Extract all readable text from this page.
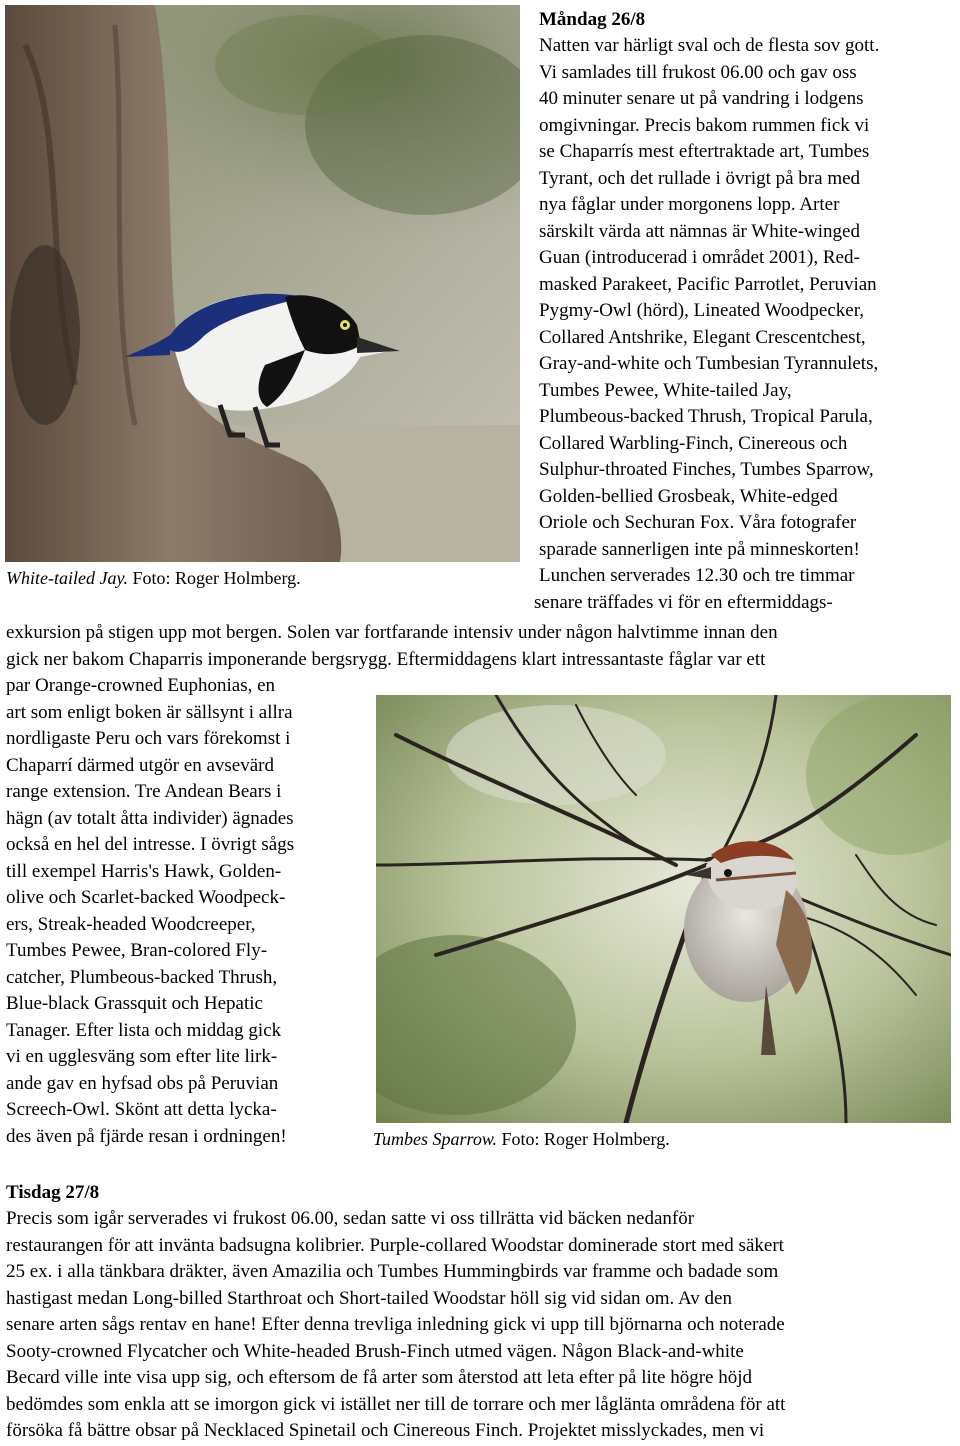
Måndag 26/8
Natten var härligt sval och de flesta sov gott.
Vi samlades till frukost 06.00 och gav oss
40 minuter senare ut på vandring i lodgens
omgivningar. Precis bakom rummen fick vi
se Chaparrís mest eftertraktade art, Tumbes
Tyrant, och det rullade i övrigt på bra med
nya fåglar under morgonens lopp. Arter
särskilt värda att nämnas är White-winged
Guan (introducerad i området 2001), Red-
masked Parakeet, Pacific Parrotlet, Peruvian
Pygmy-Owl (hörd), Lineated Woodpecker,
Collared Antshrike, Elegant Crescentchest,
Gray-and-white och Tumbesian Tyrannulets,
Tumbes Pewee, White-tailed Jay,
Plumbeous-backed Thrush, Tropical Parula,
Collared Warbling-Finch, Cinereous och
Sulphur-throated Finches, Tumbes Sparrow,
Golden-bellied Grosbeak, White-edged
Oriole och Sechuran Fox. Våra fotografer
sparade sannerligen inte på minneskorten!
Lunchen serverades 12.30 och tre timmar
senare träffades vi för en eftermiddags-
White-tailed Jay. Foto: Roger Holmberg.
exkursion på stigen upp mot bergen. Solen var fortfarande intensiv under någon halvtimme innan den
gick ner bakom Chaparris imponerande bergsrygg. Eftermiddagens klart intressantaste fåglar var ett
par Orange-crowned Euphonias, en
art som enligt boken är sällsynt i allra
nordligaste Peru och vars förekomst i
Chaparrí därmed utgör en avsevärd
range extension. Tre Andean Bears i
hägn (av totalt åtta individer) ägnades
också en hel del intresse. I övrigt sågs
till exempel Harris's Hawk, Golden-
olive och Scarlet-backed Woodpeck-
ers, Streak-headed Woodcreeper,
Tumbes Pewee, Bran-colored Fly-
catcher, Plumbeous-backed Thrush,
Blue-black Grassquit och Hepatic
Tanager. Efter lista och middag gick
vi en ugglesväng som efter lite lirk-
ande gav en hyfsad obs på Peruvian
Screech-Owl. Skönt att detta lyckа-
des även på fjärde resan i ordningen!	Tumbes Sparrow. Foto: Roger Holmberg.
Tisdag 27/8
Precis som igår serverades vi frukost 06.00, sedan satte vi oss tillrätta vid bäcken nedanför
restaurangen för att invänta badsugna kolibrier. Purple-collared Woodstar dominerade stort med säkert
25 ex. i alla tänkbara dräkter, även Amazilia och Tumbes Hummingbirds var framme och badade som
hastigast medan Long-billed Starthroat och Short-tailed Woodstar höll sig vid sidan om. Av den
senare arten sågs rentav en hane! Efter denna trevliga inledning gick vi upp till björnarna och noterade
Sooty-crowned Flycatcher och White-headed Brush-Finch utmed vägen. Någon Black-and-white
Becard ville inte visa upp sig, och eftersom de få arter som återstod att leta efter på lite högre höjd
bedömdes som enkla att se imorgon gick vi istället ner till de torrare och mer låglänta områdena för att
försöka få bättre obsar på Necklaced Spinetail och Cinereous Finch. Projektet misslyckades, men vi
